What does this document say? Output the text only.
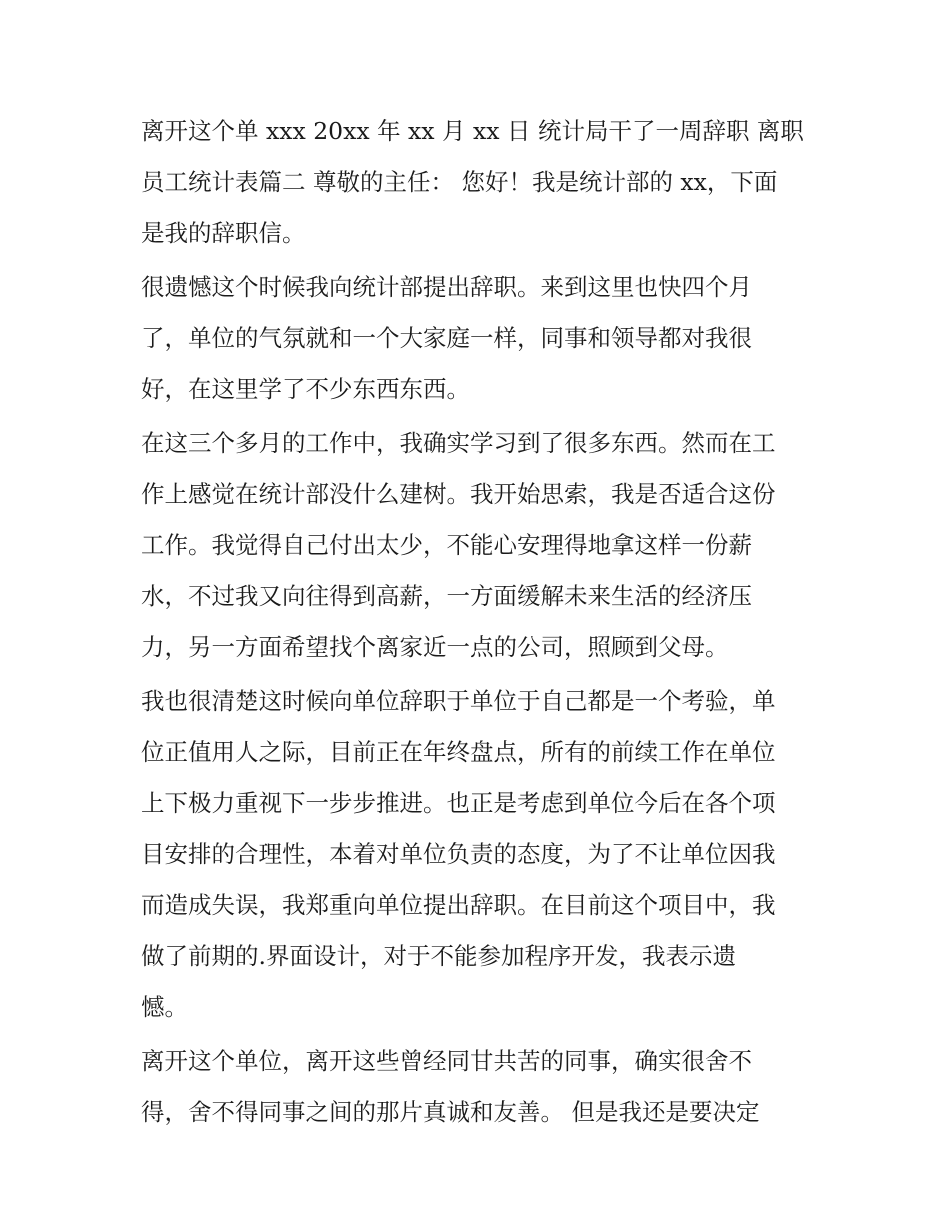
离开这个单 xxx 20xx 年 xx 月 xx 日 统计局干了一周辞职 离职
员工统计表篇二 尊敬的主任： 您好！我是统计部的 xx，下面
是我的辞职信。
很遗憾这个时候我向统计部提出辞职。来到这里也快四个月
了，单位的气氛就和一个大家庭一样，同事和领导都对我很
好，在这里学了不少东西东西。
在这三个多月的工作中，我确实学习到了很多东西。然而在工
作上感觉在统计部没什么建树。我开始思索，我是否适合这份
工作。我觉得自己付出太少，不能心安理得地拿这样一份薪
水，不过我又向往得到高薪，一方面缓解未来生活的经济压
力，另一方面希望找个离家近一点的公司，照顾到父母。
我也很清楚这时候向单位辞职于单位于自己都是一个考验，单
位正值用人之际，目前正在年终盘点，所有的前续工作在单位
上下极力重视下一步步推进。也正是考虑到单位今后在各个项
目安排的合理性，本着对单位负责的态度，为了不让单位因我
而造成失误，我郑重向单位提出辞职。在目前这个项目中，我
做了前期的.界面设计，对于不能参加程序开发，我表示遗
憾。
离开这个单位，离开这些曾经同甘共苦的同事，确实很舍不
得，舍不得同事之间的那片真诚和友善。 但是我还是要决定
